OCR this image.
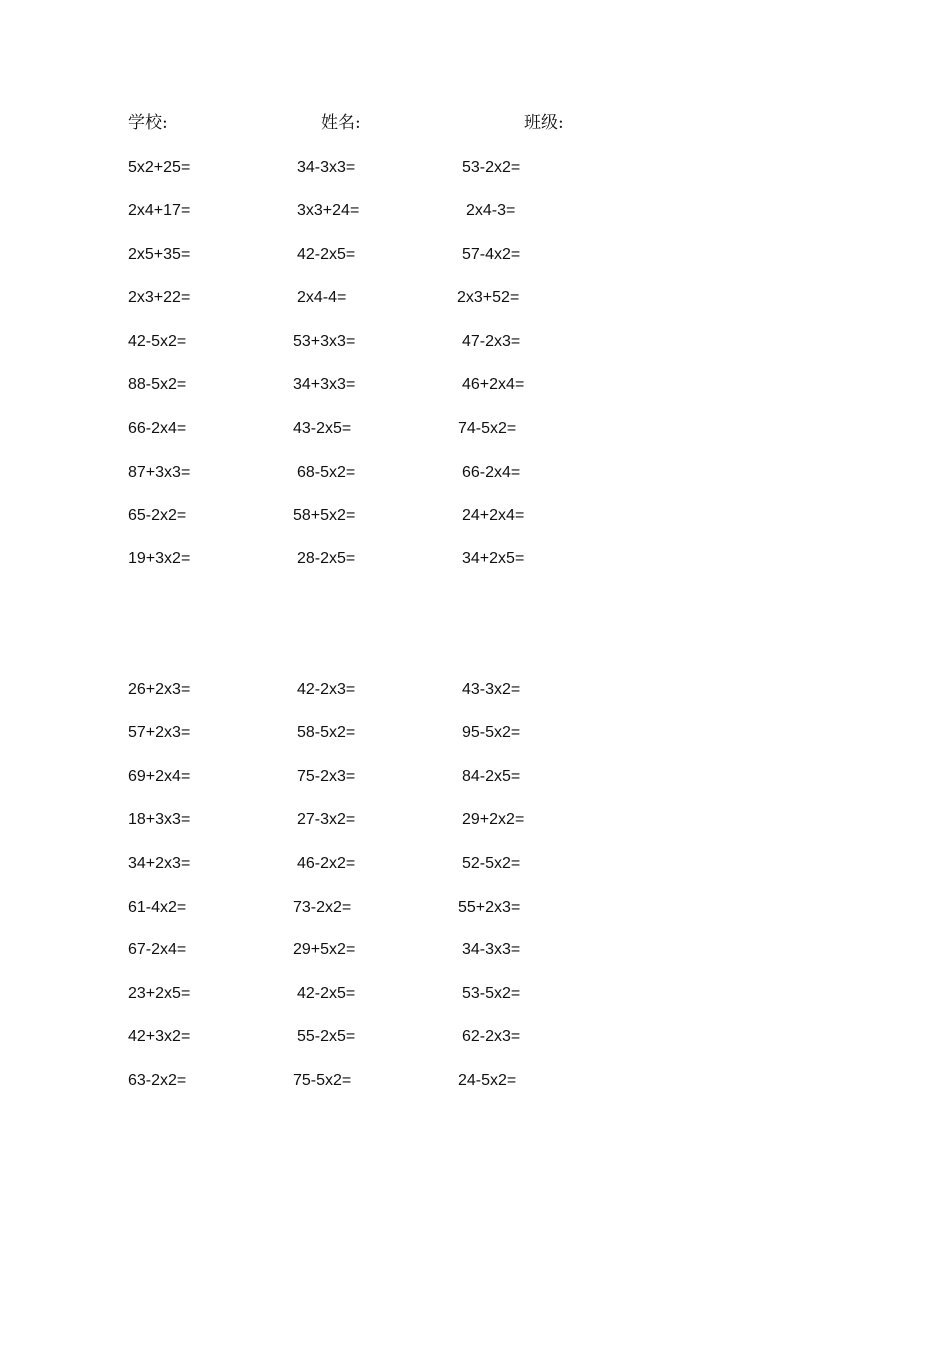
学校:	姓名:	班级:
5x2+25=	34-3x3=	53-2x2=
2x4+17=	3x3+24=	2x4-3=
2x5+35=	42-2x5=	57-4x2=
2x3+22=	2x4-4=	2x3+52=
42-5x2=	53+3x3=	47-2x3=
88-5x2=	34+3x3=	46+2x4=
66-2x4=	43-2x5=	74-5x2=
87+3x3=	68-5x2=	66-2x4=
65-2x2=	58+5x2=	24+2x4=
19+3x2=	28-2x5=	34+2x5=
26+2x3=	42-2x3=	43-3x2=
57+2x3=	58-5x2=	95-5x2=
69+2x4=	75-2x3=	84-2x5=
18+3x3=	27-3x2=	29+2x2=
34+2x3=	46-2x2=	52-5x2=
61-4x2=	73-2x2=	55+2x3=
67-2x4=	29+5x2=	34-3x3=
23+2x5=	42-2x5=	53-5x2=
42+3x2=	55-2x5=	62-2x3=
63-2x2=	75-5x2=	24-5x2=
